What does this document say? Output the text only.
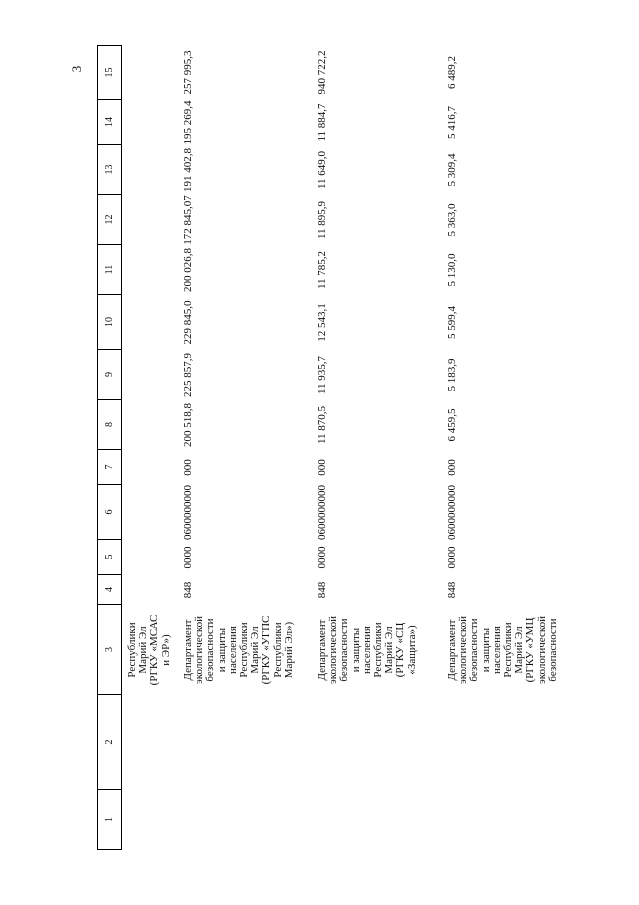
3
1
2
3
4
5
6
7
8
9
10
11
12
13
14
15
Республики
Марий Эл
(РГКУ «МСАС
и ЭР») Департамент
экологической
безопасности
и защиты
населения
Республики
Марий Эл
(РГКУ «УГПС
Республики
Марий Эл»)
848
0000
0600000000
000
200 518,8
225 857,9
229 845,0
200 026,8
172 845,07
191 402,8
195 269,4
257 995,3
Департамент
экологической
безопасности
и защиты
населения
Республики
Марий Эл
(РГКУ «СЦ
«Защита»)
848
0000
0600000000
000
11 870,5
11 935,7
12 543,1
11 785,2
11 895,9
11 649,0
11 884,7
940 722,2
Департамент
экологической
безопасности
и защиты
населения
Республики
Марий Эл
(РГКУ «УМЦ
экологической
безопасности
848
0000
0600000000
000
6 459,5
5 183,9
5 599,4
5 130,0
5 363,0
5 309,4
5 416,7
6 489,2
